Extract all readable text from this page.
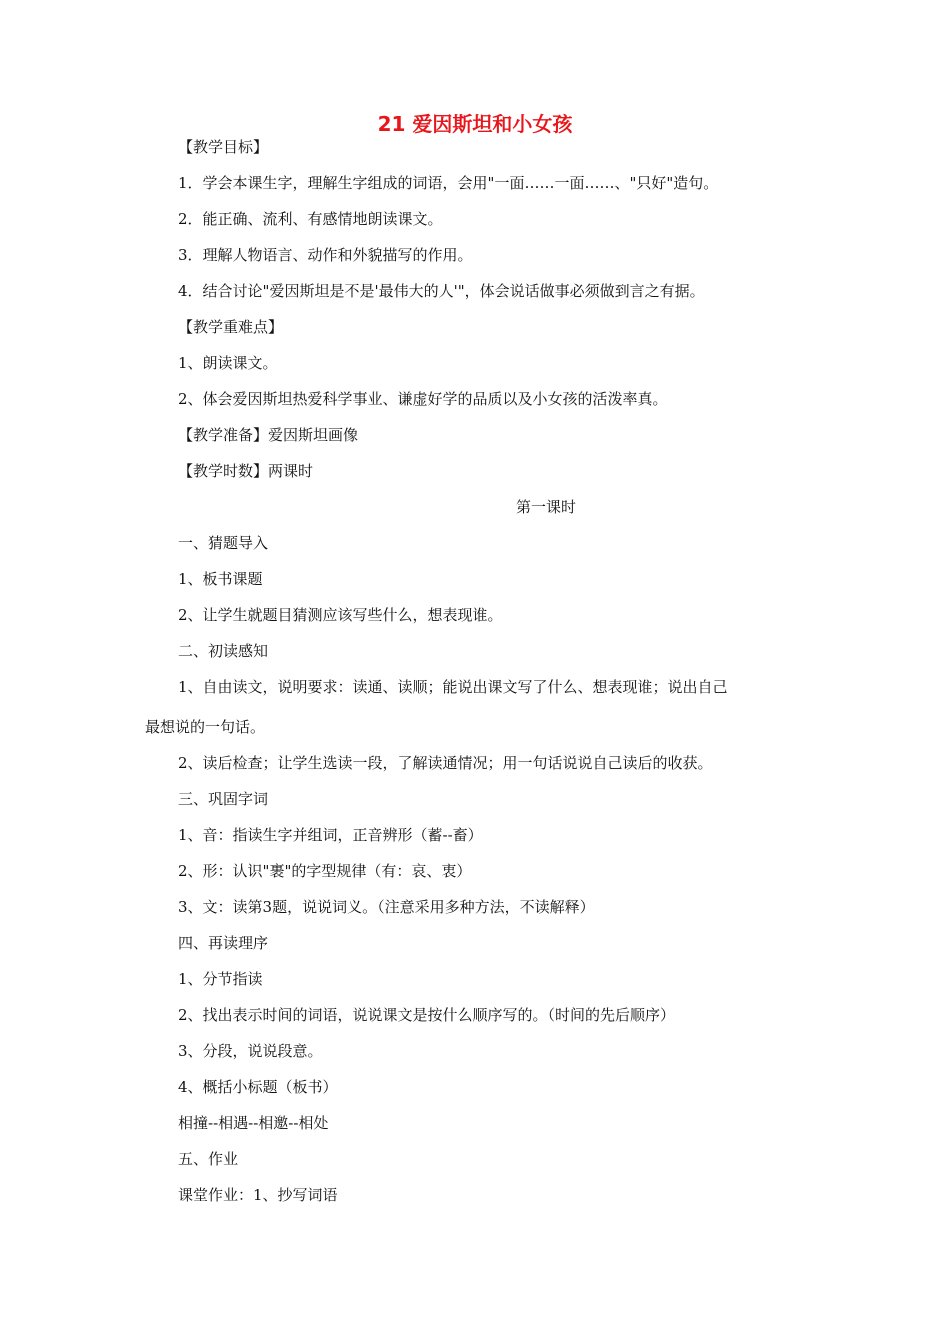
21 爱因斯坦和小女孩
【教学目标】
1．学会本课生字，理解生字组成的词语，会用"一面……一面……、"只好"造句。
2．能正确、流利、有感情地朗读课文。
3．理解人物语言、动作和外貌描写的作用。
4．结合讨论"爱因斯坦是不是'最伟大的人'"，体会说话做事必须做到言之有据。
【教学重难点】
1、朗读课文。
2、体会爱因斯坦热爱科学事业、谦虚好学的品质以及小女孩的活泼率真。
【教学准备】爱因斯坦画像
【教学时数】两课时
第一课时
一、猜题导入
1、板书课题
2、让学生就题目猜测应该写些什么，想表现谁。
二、初读感知
1、自由读文，说明要求：读通、读顺；能说出课文写了什么、想表现谁；说出自己
最想说的一句话。
2、读后检查；让学生选读一段，了解读通情况；用一句话说说自己读后的收获。
三、巩固字词
1、音：指读生字并组词，正音辨形（蓄--畜）
2、形：认识"裹"的字型规律（有：哀、衷）
3、文：读第3题，说说词义。（注意采用多种方法，不读解释）
四、再读理序
1、分节指读
2、找出表示时间的词语，说说课文是按什么顺序写的。（时间的先后顺序）
3、分段，说说段意。
4、概括小标题（板书）
相撞--相遇--相邀--相处
五、作业
课堂作业：1、抄写词语
